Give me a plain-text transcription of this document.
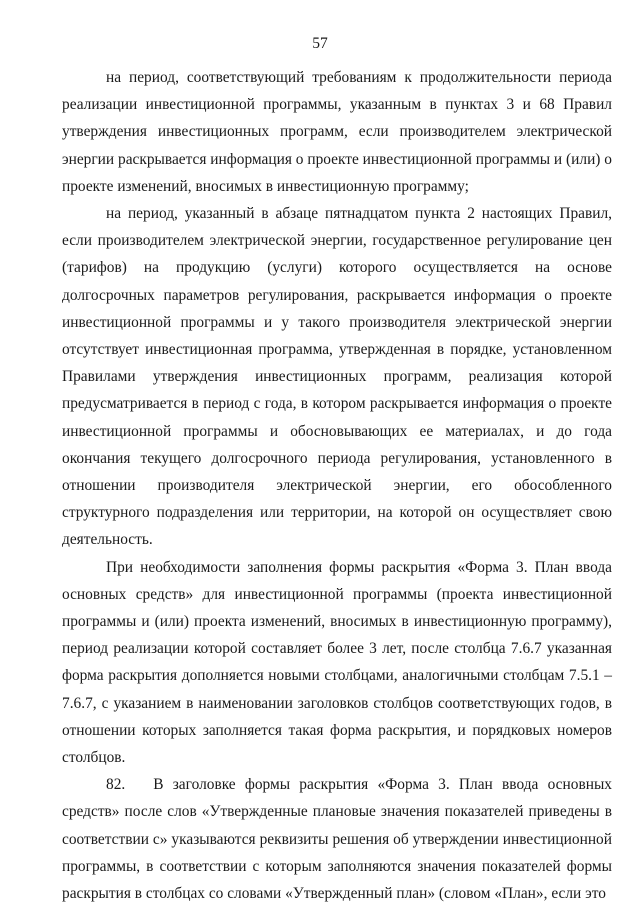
57

на период, соответствующий требованиям к продолжительности периода реализации инвестиционной программы, указанным в пунктах 3 и 68 Правил утверждения инвестиционных программ, если производителем электрической энергии раскрывается информация о проекте инвестиционной программы и (или) о проекте изменений, вносимых в инвестиционную программу;

на период, указанный в абзаце пятнадцатом пункта 2 настоящих Правил, если производителем электрической энергии, государственное регулирование цен (тарифов) на продукцию (услуги) которого осуществляется на основе долгосрочных параметров регулирования, раскрывается информация о проекте инвестиционной программы и у такого производителя электрической энергии отсутствует инвестиционная программа, утвержденная в порядке, установленном Правилами утверждения инвестиционных программ, реализация которой предусматривается в период с года, в котором раскрывается информация о проекте инвестиционной программы и обосновывающих ее материалах, и до года окончания текущего долгосрочного периода регулирования, установленного в отношении производителя электрической энергии, его обособленного структурного подразделения или территории, на которой он осуществляет свою деятельность.

При необходимости заполнения формы раскрытия «Форма 3. План ввода основных средств» для инвестиционной программы (проекта инвестиционной программы и (или) проекта изменений, вносимых в инвестиционную программу), период реализации которой составляет более 3 лет, после столбца 7.6.7 указанная форма раскрытия дополняется новыми столбцами, аналогичными столбцам 7.5.1 – 7.6.7, с указанием в наименовании заголовков столбцов соответствующих годов, в отношении которых заполняется такая форма раскрытия, и порядковых номеров столбцов.

82. В заголовке формы раскрытия «Форма 3. План ввода основных средств» после слов «Утвержденные плановые значения показателей приведены в соответствии с» указываются реквизиты решения об утверждении инвестиционной программы, в соответствии с которым заполняются значения показателей формы раскрытия в столбцах со словами «Утвержденный план» (словом «План», если это
